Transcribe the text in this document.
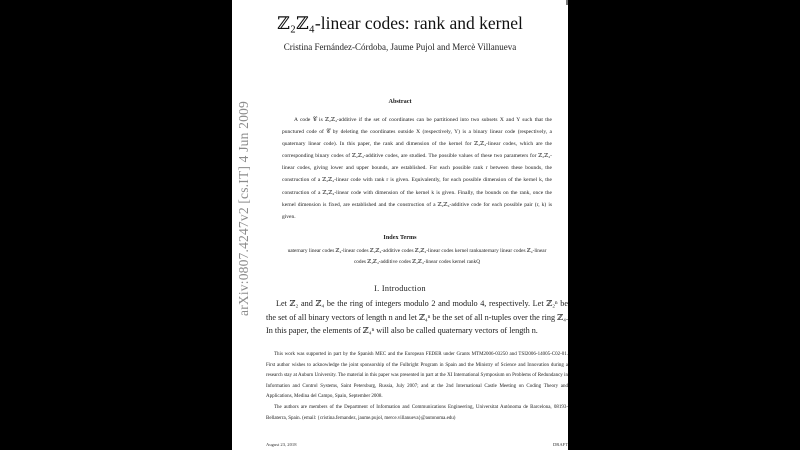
arXiv:0807.4247v2 [cs.IT] 4 Jun 2009
ℤ₂ℤ₄-linear codes: rank and kernel
Cristina Fernández-Córdoba, Jaume Pujol and Mercè Villanueva
Abstract

A code 𝒞 is ℤ₂ℤ₄-additive if the set of coordinates can be partitioned into two subsets X and Y such that the punctured code of 𝒞 by deleting the coordinates outside X (respectively, Y) is a binary linear code (respectively, a quaternary linear code). In this paper, the rank and dimension of the kernel for ℤ₂ℤ₄-linear codes, which are the corresponding binary codes of ℤ₂ℤ₄-additive codes, are studied. The possible values of these two parameters for ℤ₂ℤ₄-linear codes, giving lower and upper bounds, are established. For each possible rank r between these bounds, the construction of a ℤ₂ℤ₄-linear code with rank r is given. Equivalently, for each possible dimension of the kernel k, the construction of a ℤ₂ℤ₄-linear code with dimension of the kernel k is given. Finally, the bounds on the rank, once the kernel dimension is fixed, are established and the construction of a ℤ₂ℤ₄-additive code for each possible pair (r, k) is given.

Index Terms
uaternary linear codes ℤ₄-linear codes ℤ₂ℤ₄-additive codes ℤ₂ℤ₄-linear codes kernel rankuaternary linear codes ℤ₄-linear codes ℤ₂ℤ₄-additive codes ℤ₂ℤ₄-linear codes kernel rankQ
I. Introduction

Let ℤ₂ and ℤ₄ be the ring of integers modulo 2 and modulo 4, respectively. Let ℤ₂ⁿ be the set of all binary vectors of length n and let ℤ₄ⁿ be the set of all n-tuples over the ring ℤ₄. In this paper, the elements of ℤ₄ⁿ will also be called quaternary vectors of length n.

This work was supported in part by the Spanish MEC and the European FEDER under Grants MTM2006-03250 and TSI2006-14005-C02-01. First author wishes to acknowledge the joint sponsorship of the Fulbright Program in Spain and the Ministry of Science and Innovation during a research stay at Auburn University. The material in this paper was presented in part at the XI International Symposium on Problems of Redundancy in Information and Control Systems, Saint Petersburg, Russia, July 2007; and at the 2nd International Castle Meeting on Coding Theory and Applications, Medina del Campo, Spain, September 2008.

The authors are members of the Department of Information and Communications Engineering, Universitat Autònoma de Barcelona, 08193-Bellaterra, Spain. (email: {cristina.fernandez, jaume.pujol, merce.villanueva}@autonoma.edu)

August 23, 2018	DRAFT
